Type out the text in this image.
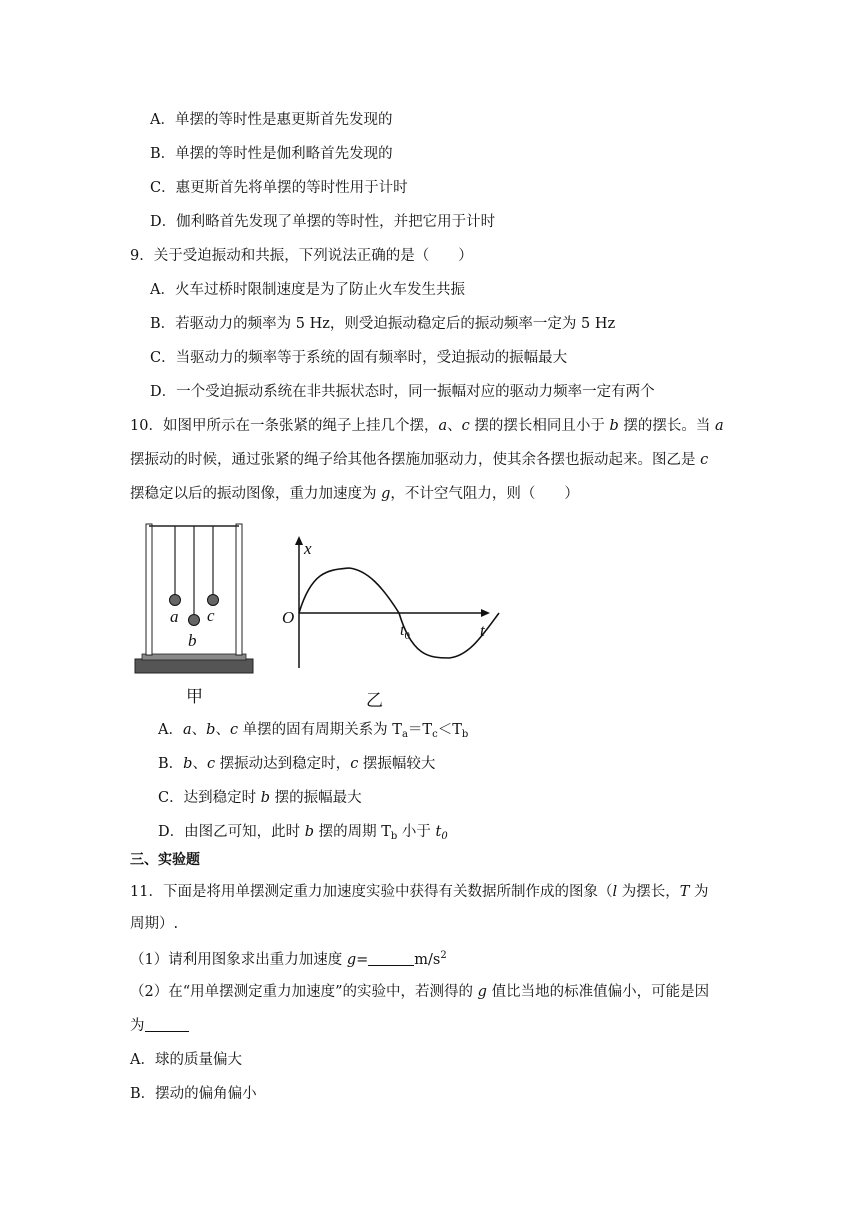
A．单摆的等时性是惠更斯首先发现的
B．单摆的等时性是伽利略首先发现的
C．惠更斯首先将单摆的等时性用于计时
D．伽利略首先发现了单摆的等时性，并把它用于计时
9．关于受迫振动和共振，下列说法正确的是（　　）
A．火车过桥时限制速度是为了防止火车发生共振
B．若驱动力的频率为 5 Hz，则受迫振动稳定后的振动频率一定为 5 Hz
C．当驱动力的频率等于系统的固有频率时，受迫振动的振幅最大
D．一个受迫振动系统在非共振状态时，同一振幅对应的驱动力频率一定有两个
10．如图甲所示在一条张紧的绳子上挂几个摆，a、c 摆的摆长相同且小于 b 摆的摆长。当 a
摆振动的时候，通过张紧的绳子给其他各摆施加驱动力，使其余各摆也振动起来。图乙是 c
摆稳定以后的振动图像，重力加速度为 g，不计空气阻力，则（　　）
a
b
c
甲
x
t
O
$t_0$
乙
A．a、b、c 单摆的固有周期关系为 $T_a=T_c<T_b$
B．b、c 摆振动达到稳定时，c 摆振幅较大
C．达到稳定时 b 摆的振幅最大
D．由图乙可知，此时 b 摆的周期 $T_b$ 小于 $t_0$
三、实验题
11．下面是将用单摆测定重力加速度实验中获得有关数据所制作成的图象（l 为摆长，T 为
周期）.
（1）请利用图象求出重力加速度 g=	$m/s^2$
（2）在“用单摆测定重力加速度”的实验中，若测得的 g 值比当地的标准值偏小，可能是因
为
A．球的质量偏大
B．摆动的偏角偏小
